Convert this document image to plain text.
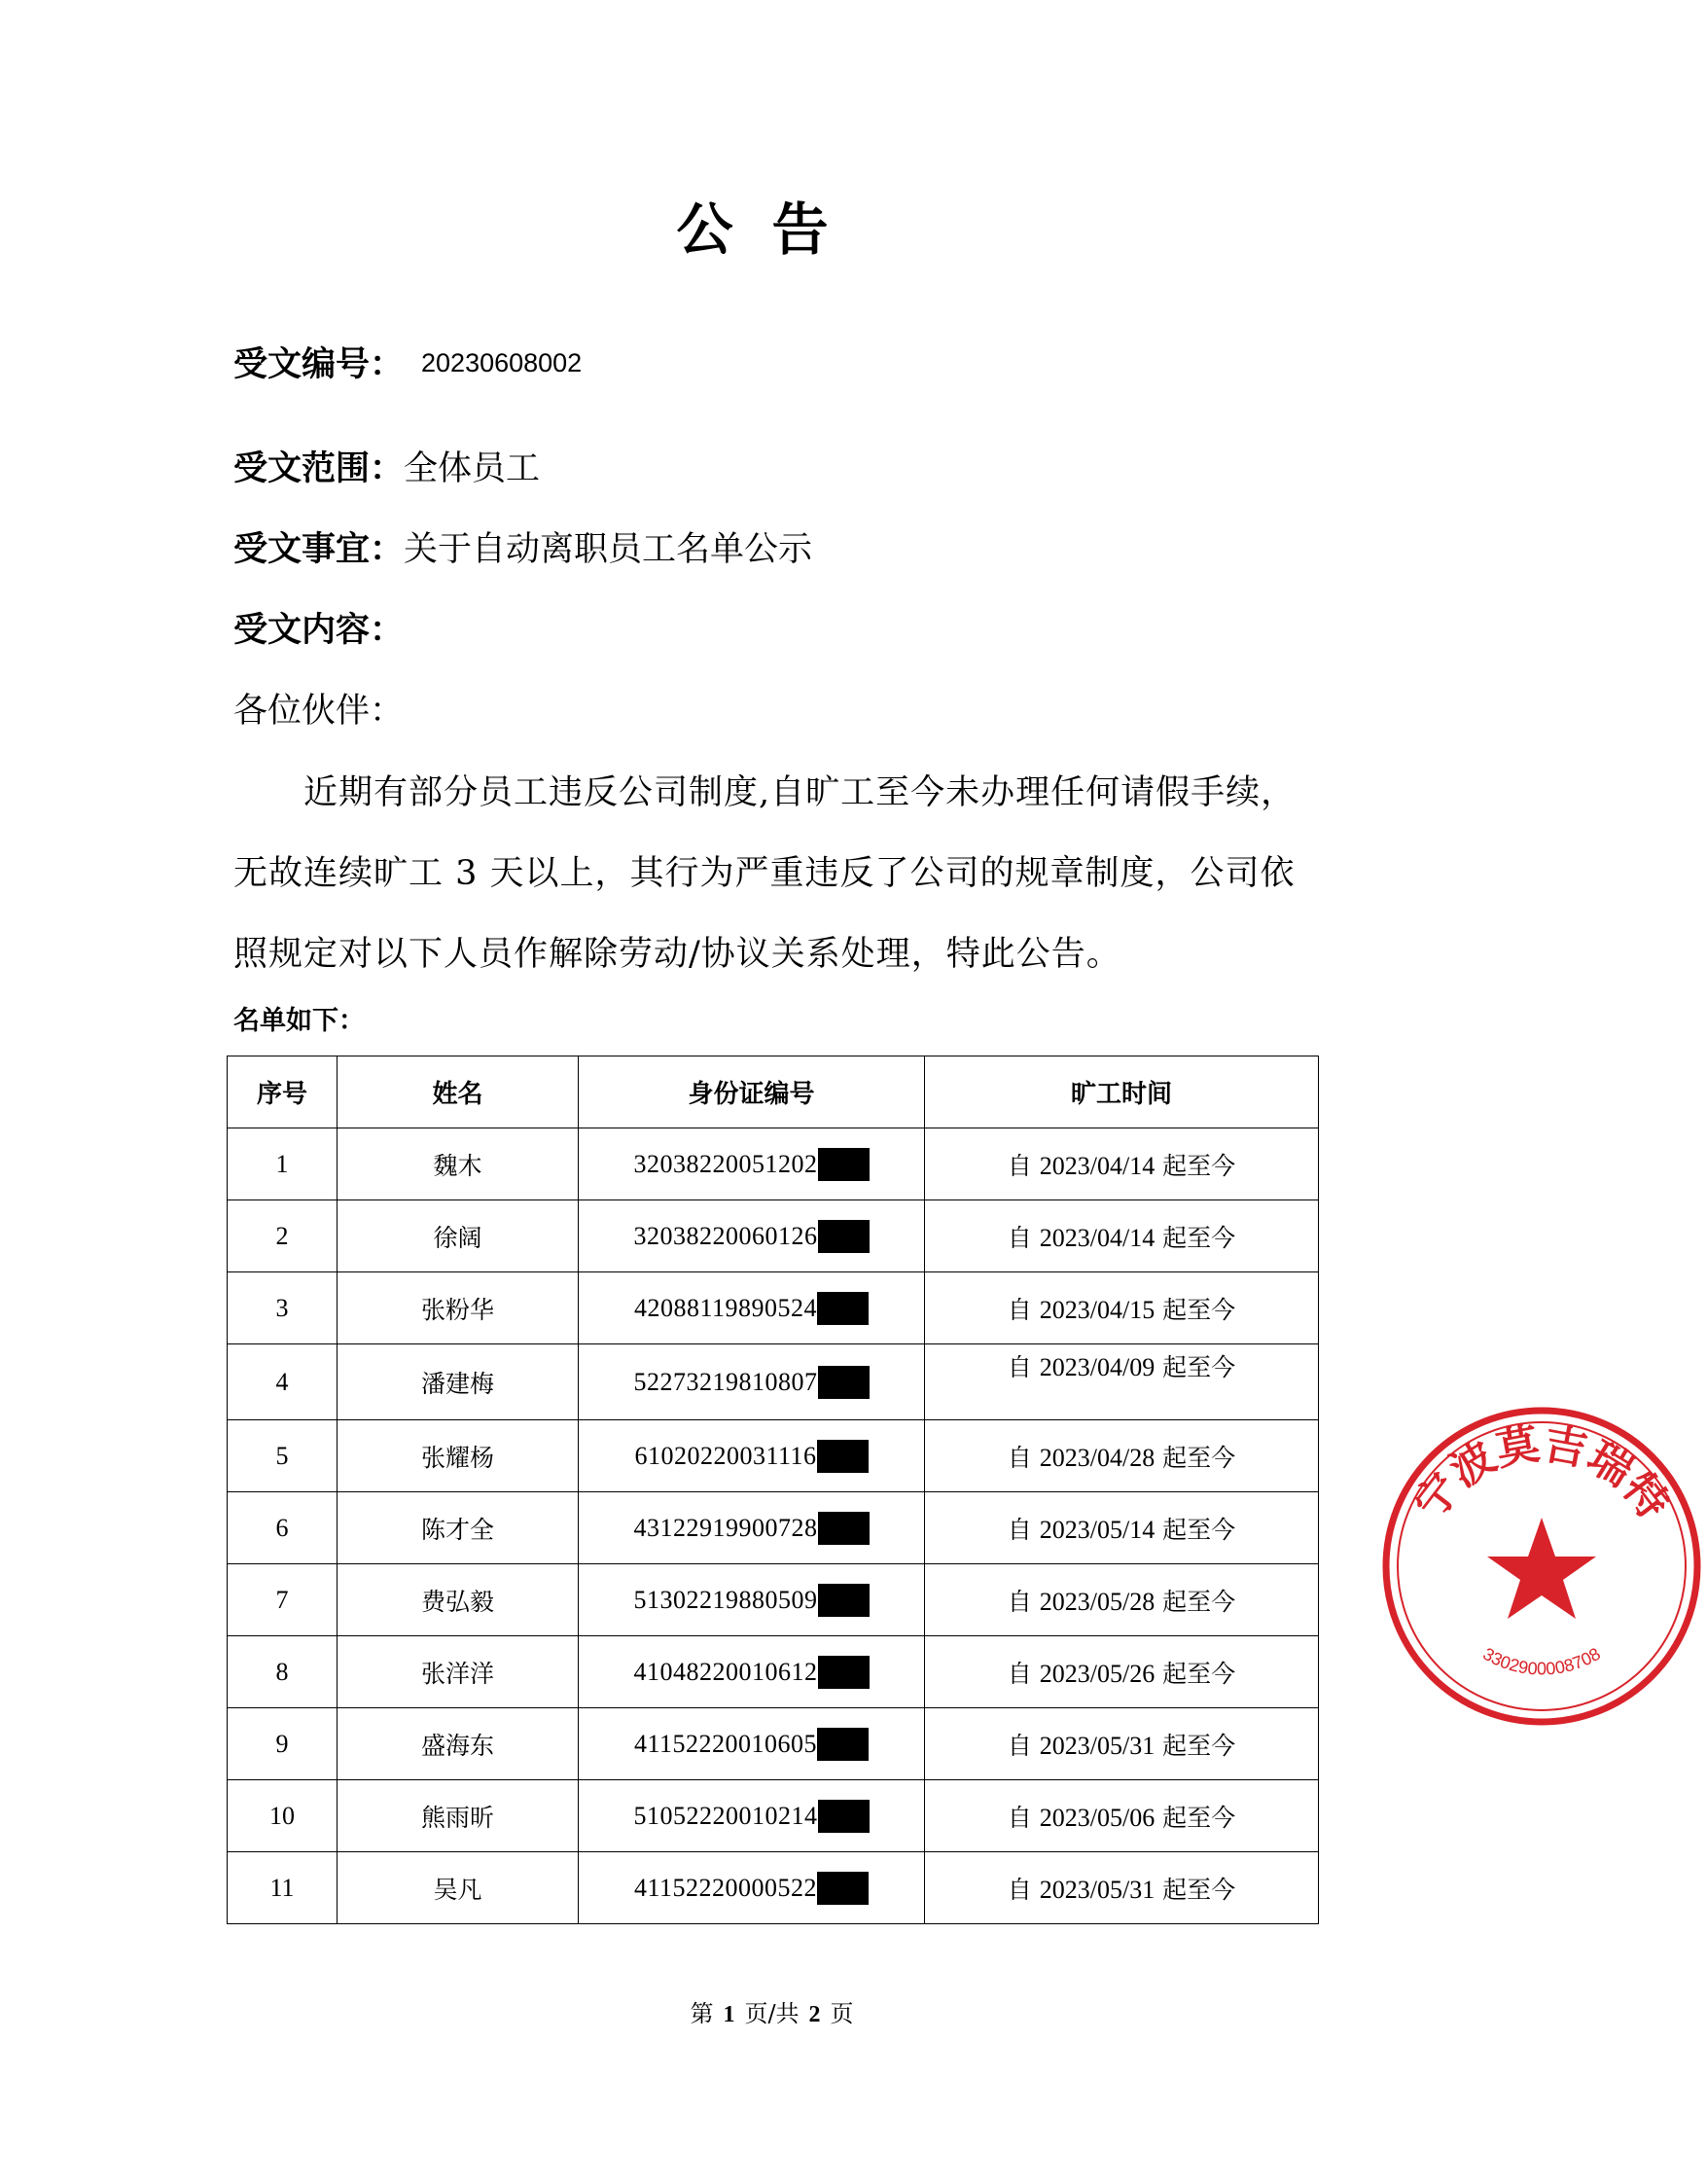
公告
受文编号： 20230608002
受文范围：全体员工
受文事宜：关于自动离职员工名单公示
受文内容：
各位伙伴：
近期有部分员工违反公司制度,自旷工至今未办理任何请假手续，无故连续旷工 3 天以上，其行为严重违反了公司的规章制度，公司依照规定对以下人员作解除劳动/协议关系处理，特此公告。
名单如下：
序号	姓名	身份证编号	旷工时间
1	魏木	32038220051202	自 2023/04/14 起至今
2	徐阔	32038220060126	自 2023/04/14 起至今
3	张粉华	42088119890524	自 2023/04/15 起至今
4	潘建梅	52273219810807	自 2023/04/09 起至今
5	张耀杨	61020220031116	自 2023/04/28 起至今
6	陈才全	43122919900728	自 2023/05/14 起至今
7	费弘毅	51302219880509	自 2023/05/28 起至今
8	张洋洋	41048220010612	自 2023/05/26 起至今
9	盛海东	41152220010605	自 2023/05/31 起至今
10	熊雨昕	51052220010214	自 2023/05/06 起至今
11	吴凡	41152220000522	自 2023/05/31 起至今
第 1 页/共 2 页
宁波莫吉瑞特
3302900008708
